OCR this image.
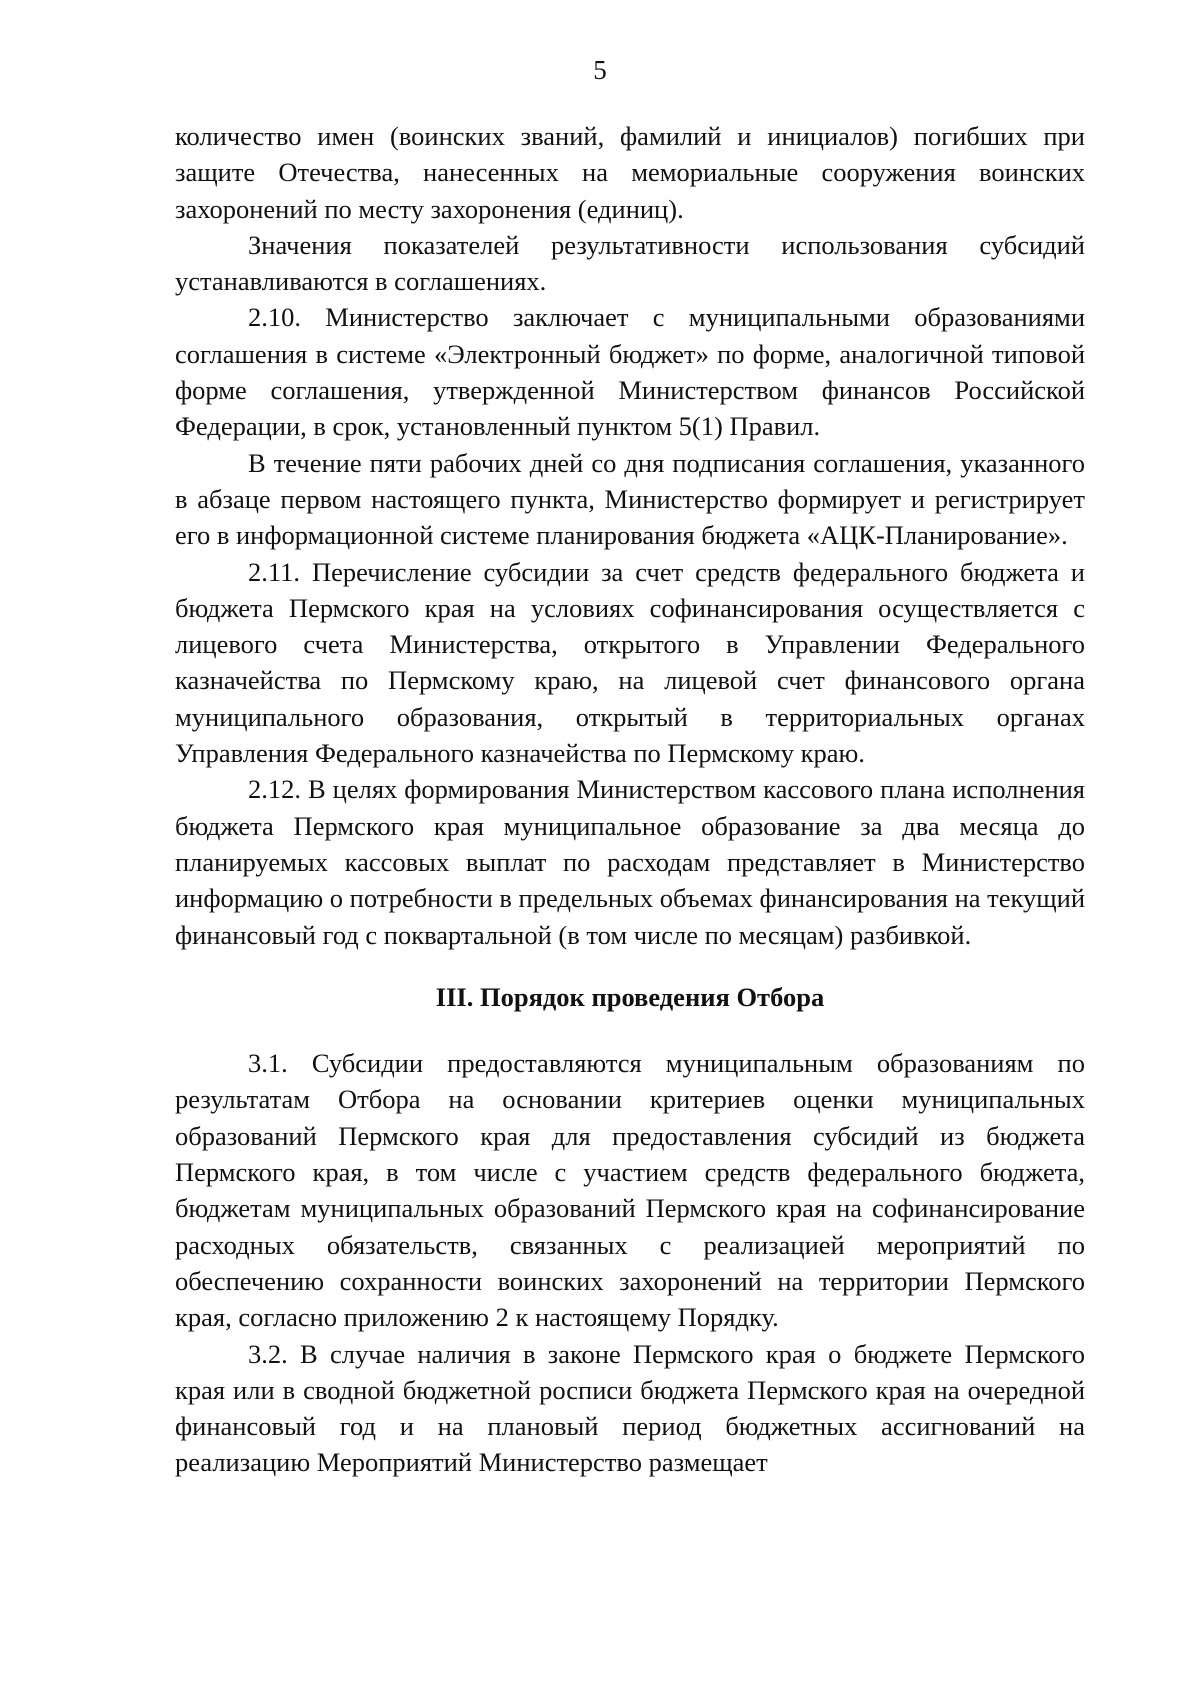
5

количество имен (воинских званий, фамилий и инициалов) погибших при защите Отечества, нанесенных на мемориальные сооружения воинских захоронений по месту захоронения (единиц).

Значения показателей результативности использования субсидий устанавливаются в соглашениях.

2.10. Министерство заключает с муниципальными образованиями соглашения в системе «Электронный бюджет» по форме, аналогичной типовой форме соглашения, утвержденной Министерством финансов Российской Федерации, в срок, установленный пунктом 5(1) Правил.

В течение пяти рабочих дней со дня подписания соглашения, указанного в абзаце первом настоящего пункта, Министерство формирует и регистрирует его в информационной системе планирования бюджета «АЦК-Планирование».

2.11. Перечисление субсидии за счет средств федерального бюджета и бюджета Пермского края на условиях софинансирования осуществляется с лицевого счета Министерства, открытого в Управлении Федерального казначейства по Пермскому краю, на лицевой счет финансового органа муниципального образования, открытый в территориальных органах Управления Федерального казначейства по Пермскому краю.

2.12. В целях формирования Министерством кассового плана исполнения бюджета Пермского края муниципальное образование за два месяца до планируемых кассовых выплат по расходам представляет в Министерство информацию о потребности в предельных объемах финансирования на текущий финансовый год с поквартальной (в том числе по месяцам) разбивкой.

III. Порядок проведения Отбора

3.1. Субсидии предоставляются муниципальным образованиям по результатам Отбора на основании критериев оценки муниципальных образований Пермского края для предоставления субсидий из бюджета Пермского края, в том числе с участием средств федерального бюджета, бюджетам муниципальных образований Пермского края на софинансирование расходных обязательств, связанных с реализацией мероприятий по обеспечению сохранности воинских захоронений на территории Пермского края, согласно приложению 2 к настоящему Порядку.

3.2. В случае наличия в законе Пермского края о бюджете Пермского края или в сводной бюджетной росписи бюджета Пермского края на очередной финансовый год и на плановый период бюджетных ассигнований на реализацию Мероприятий Министерство размещает
